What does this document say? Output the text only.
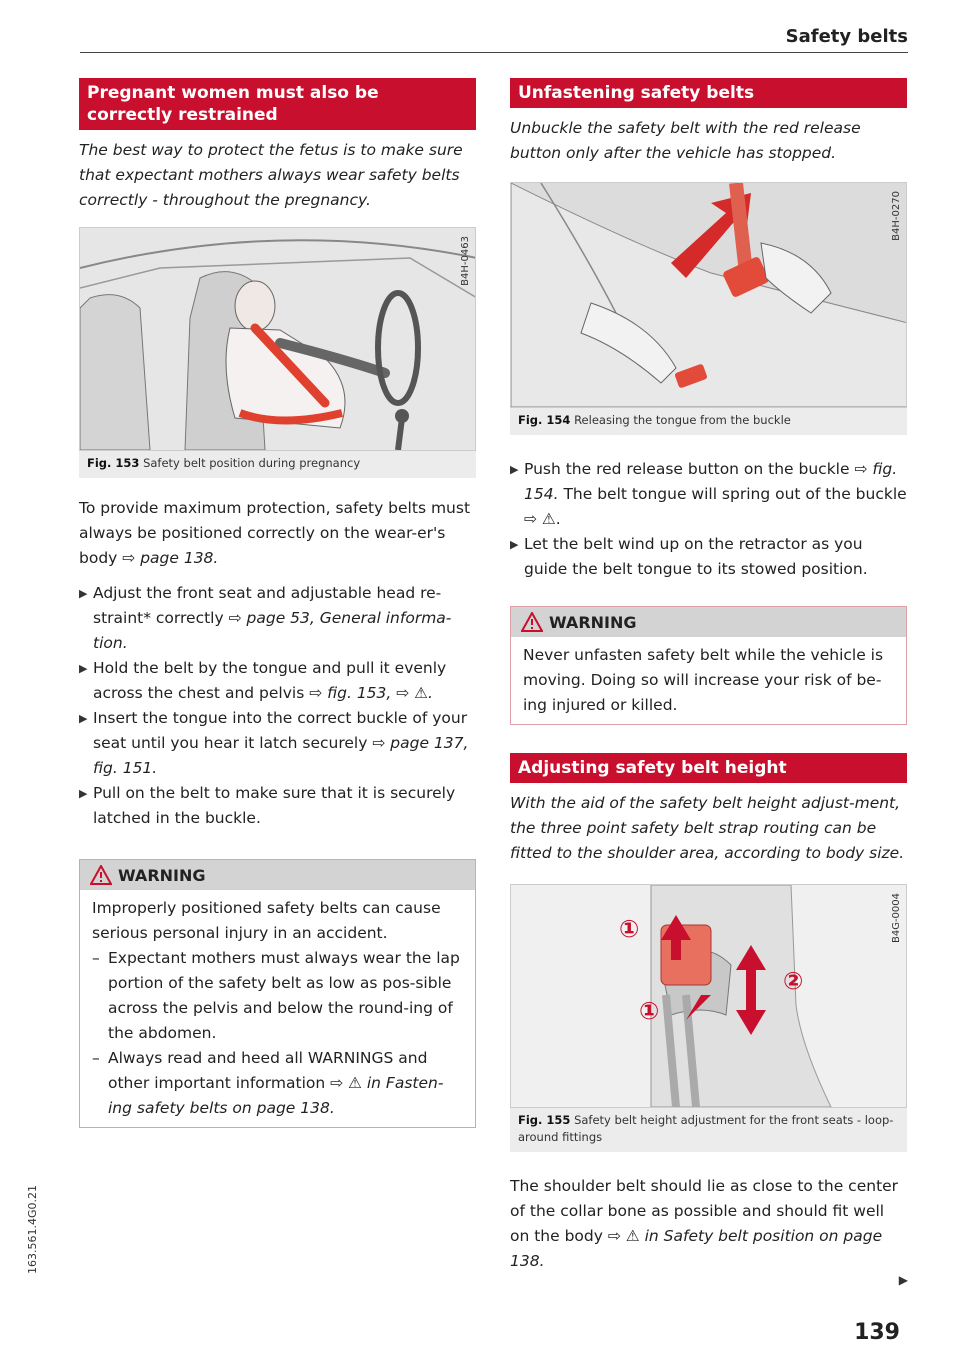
Safety belts
Pregnant women must also be correctly restrained

The best way to protect the fetus is to make sure that expectant mothers always wear safety belts correctly - throughout the pregnancy.

B4H-0463
Fig. 153 Safety belt position during pregnancy

To provide maximum protection, safety belts must always be positioned correctly on the wear-er's body ⇨ page 138.

▶ Adjust the front seat and adjustable head re-straint* correctly ⇨ page 53, General informa-tion.
▶ Hold the belt by the tongue and pull it evenly across the chest and pelvis ⇨ fig. 153, ⇨ ⚠.
▶ Insert the tongue into the correct buckle of your seat until you hear it latch securely ⇨ page 137, fig. 151.
▶ Pull on the belt to make sure that it is securely latched in the buckle.
WARNING
Improperly positioned safety belts can cause serious personal injury in an accident.
– Expectant mothers must always wear the lap portion of the safety belt as low as pos-sible across the pelvis and below the round-ing of the abdomen.
– Always read and heed all WARNINGS and other important information ⇨ ⚠ in Fasten-ing safety belts on page 138.
Unfastening safety belts

Unbuckle the safety belt with the red release button only after the vehicle has stopped.

B4H-0270
Fig. 154 Releasing the tongue from the buckle
▶ Push the red release button on the buckle ⇨ fig. 154. The belt tongue will spring out of the buckle ⇨ ⚠.
▶ Let the belt wind up on the retractor as you guide the belt tongue to its stowed position.
WARNING
Never unfasten safety belt while the vehicle is moving. Doing so will increase your risk of be-ing injured or killed.
Adjusting safety belt height

With the aid of the safety belt height adjust-ment, the three point safety belt strap routing can be fitted to the shoulder area, according to body size.

①
①
②
B4G-0004
Fig. 155 Safety belt height adjustment for the front seats - loop-around fittings

The shoulder belt should lie as close to the center of the collar bone as possible and should fit well on the body ⇨ ⚠ in Safety belt position on page 138.

▶
163.561.4G0.21
139
